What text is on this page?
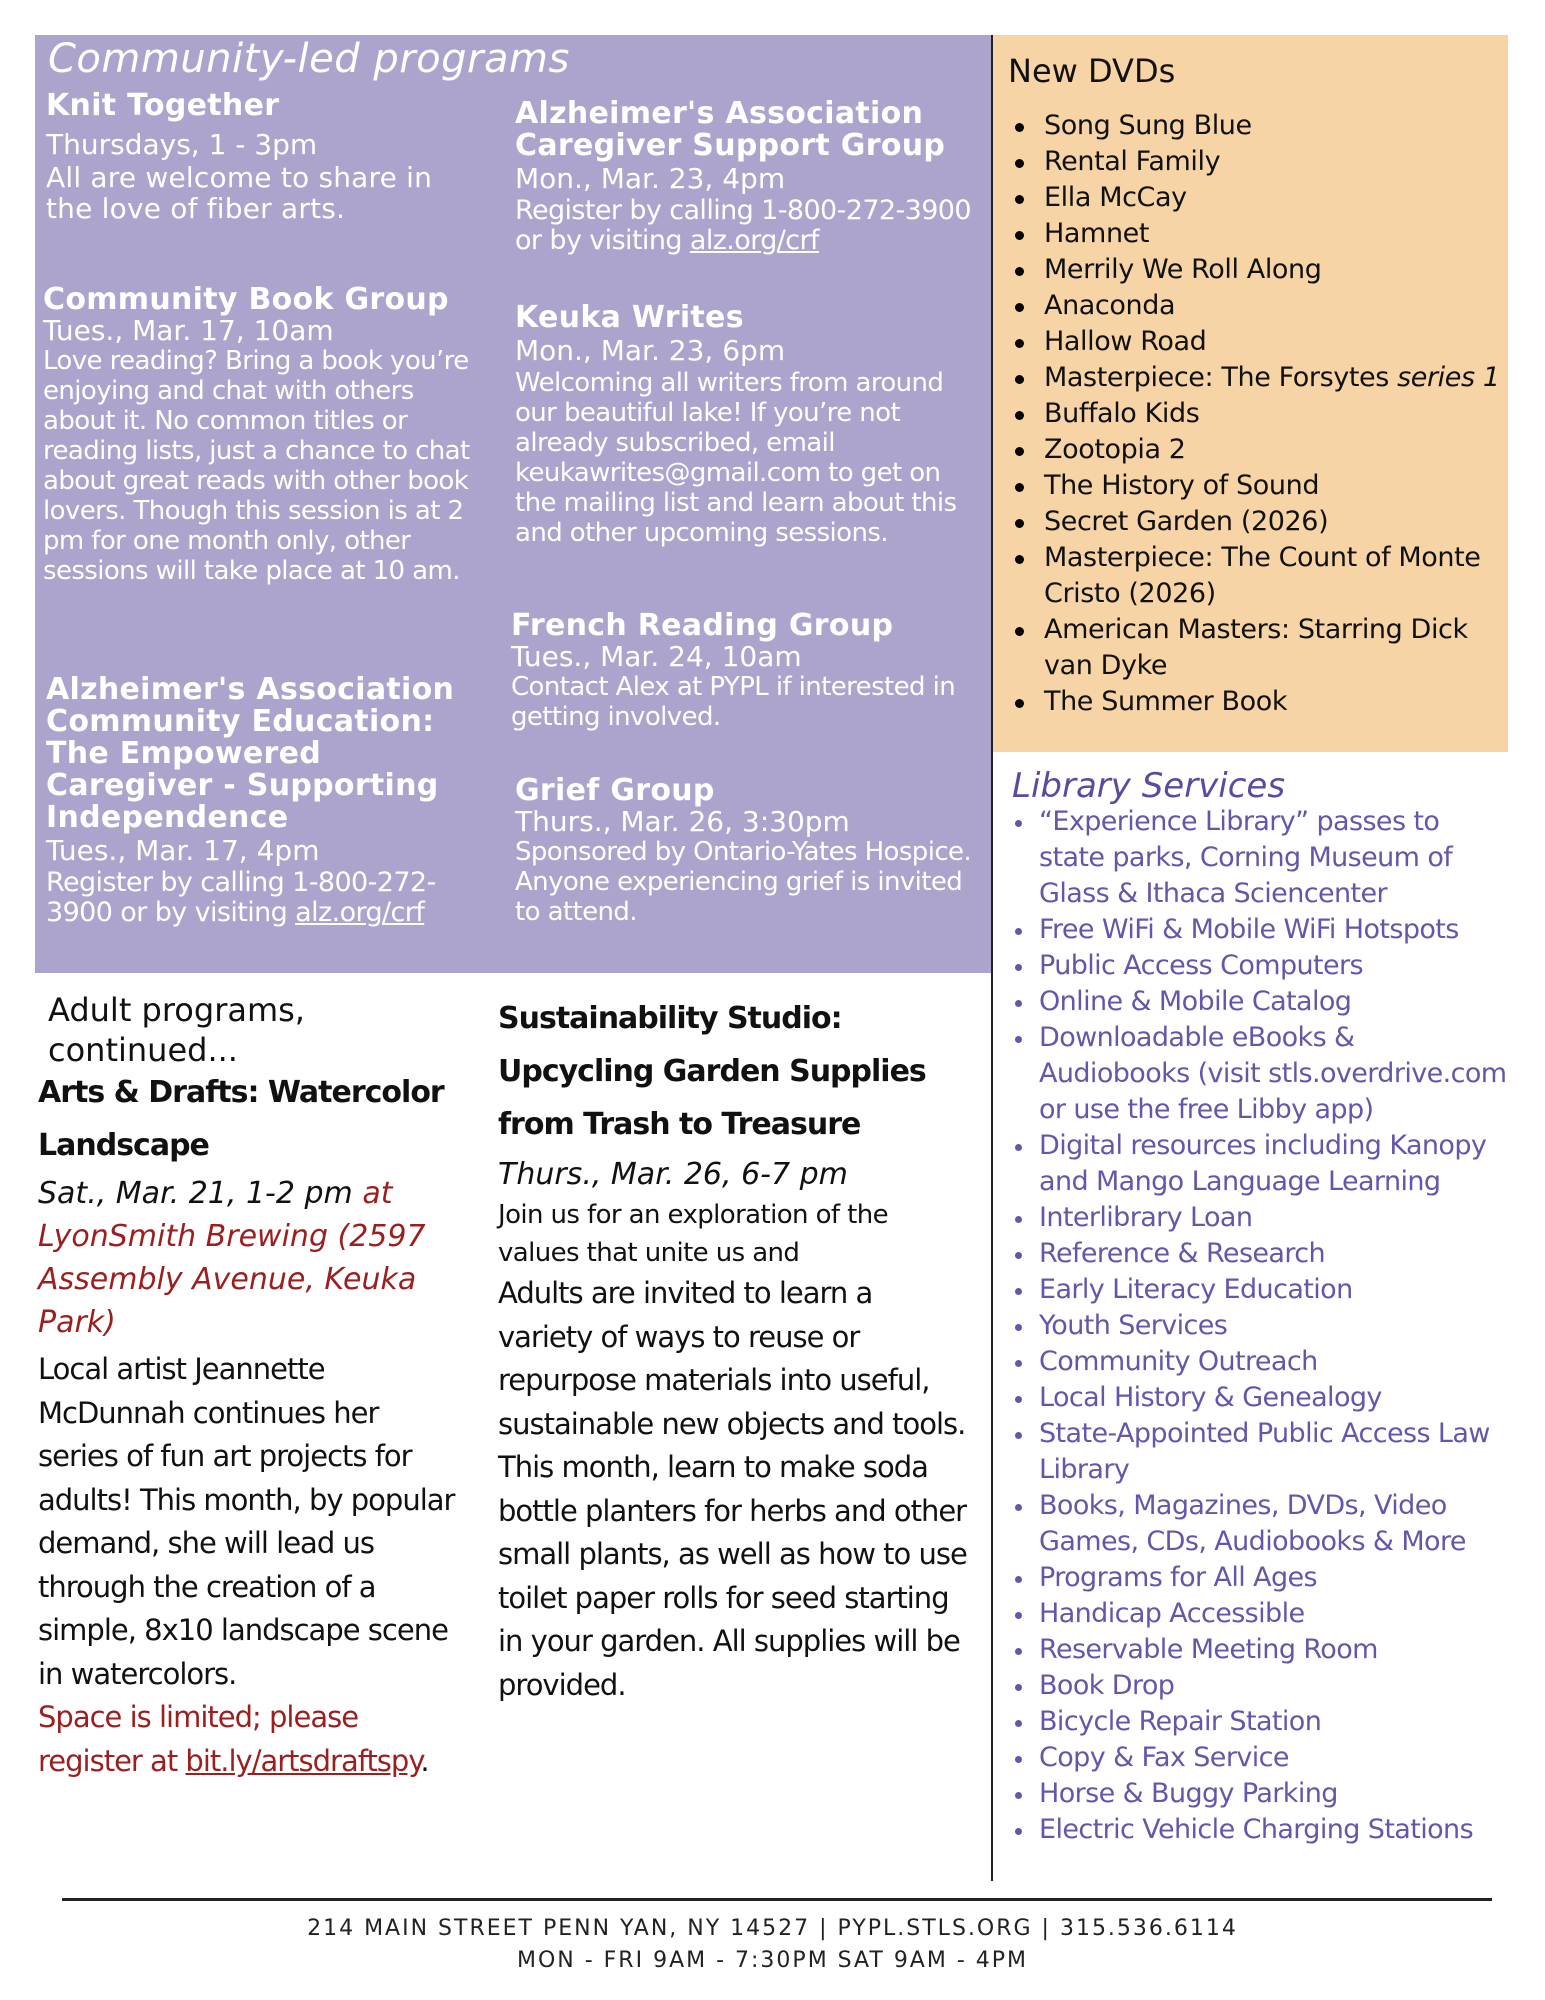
Community-led programs
Knit Together
Thursdays, 1 - 3pm
All are welcome to share in the love of fiber arts.
Community Book Group
Tues., Mar. 17, 10am
Love reading? Bring a book you’re enjoying and chat with others about it. No common titles or reading lists, just a chance to chat about great reads with other book lovers. Though this session is at 2 pm for one month only, other sessions will take place at 10 am.
Alzheimer's Association Community Education: The Empowered Caregiver - Supporting Independence
Tues., Mar. 17, 4pm
Register by calling 1-800-272-3900 or by visiting alz.org/crf
Alzheimer's Association Caregiver Support Group
Mon., Mar. 23, 4pm
Register by calling 1-800-272-3900 or by visiting alz.org/crf
Keuka Writes
Mon., Mar. 23, 6pm
Welcoming all writers from around our beautiful lake! If you’re not already subscribed, email keukawrites@gmail.com to get on the mailing list and learn about this and other upcoming sessions.
French Reading Group
Tues., Mar. 24, 10am
Contact Alex at PYPL if interested in getting involved.
Grief Group
Thurs., Mar. 26, 3:30pm
Sponsored by Ontario-Yates Hospice. Anyone experiencing grief is invited to attend.
New DVDs
Song Sung Blue
Rental Family
Ella McCay
Hamnet
Merrily We Roll Along
Anaconda
Hallow Road
Masterpiece: The Forsytes series 1
Buffalo Kids
Zootopia 2
The History of Sound
Secret Garden (2026)
Masterpiece: The Count of Monte Cristo (2026)
American Masters: Starring Dick van Dyke
The Summer Book
Library Services
“Experience Library” passes to state parks, Corning Museum of Glass & Ithaca Sciencenter
Free WiFi & Mobile WiFi Hotspots
Public Access Computers
Online & Mobile Catalog
Downloadable eBooks & Audiobooks (visit stls.overdrive.com or use the free Libby app)
Digital resources including Kanopy and Mango Language Learning
Interlibrary Loan
Reference & Research
Early Literacy Education
Youth Services
Community Outreach
Local History & Genealogy
State-Appointed Public Access Law Library
Books, Magazines, DVDs, Video Games, CDs, Audiobooks & More
Programs for All Ages
Handicap Accessible
Reservable Meeting Room
Book Drop
Bicycle Repair Station
Copy & Fax Service
Horse & Buggy Parking
Electric Vehicle Charging Stations
Adult programs, continued...
Arts & Drafts: Watercolor Landscape
Sat., Mar. 21, 1-2 pm at LyonSmith Brewing (2597 Assembly Avenue, Keuka Park)
Local artist Jeannette McDunnah continues her series of fun art projects for adults! This month, by popular demand, she will lead us through the creation of a simple, 8x10 landscape scene in watercolors.
Space is limited; please register at bit.ly/artsdraftspy.
Sustainability Studio: Upcycling Garden Supplies from Trash to Treasure
Thurs., Mar. 26, 6-7 pm
Join us for an exploration of the values that unite us and
Adults are invited to learn a variety of ways to reuse or repurpose materials into useful, sustainable new objects and tools. This month, learn to make soda bottle planters for herbs and other small plants, as well as how to use toilet paper rolls for seed starting in your garden. All supplies will be provided.
214 MAIN STREET PENN YAN, NY 14527 | PYPL.STLS.ORG | 315.536.6114
MON - FRI 9AM - 7:30PM SAT 9AM - 4PM
